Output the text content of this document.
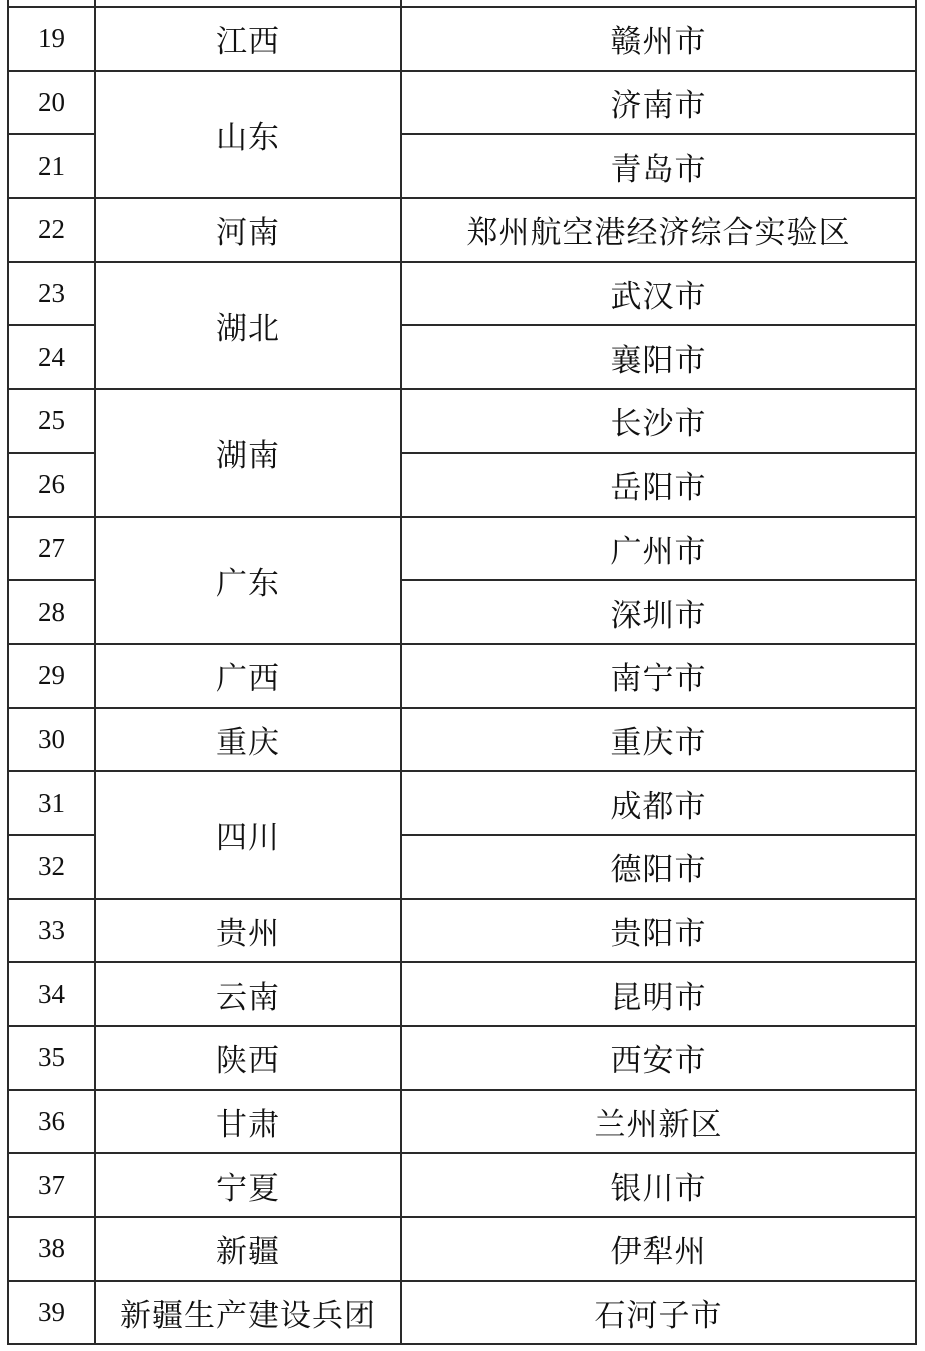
19	江西	赣州市
20	山东	济南市
21		青岛市
22	河南	郑州航空港经济综合实验区
23	湖北	武汉市
24		襄阳市
25	湖南	长沙市
26		岳阳市
27	广东	广州市
28		深圳市
29	广西	南宁市
30	重庆	重庆市
31	四川	成都市
32		德阳市
33	贵州	贵阳市
34	云南	昆明市
35	陕西	西安市
36	甘肃	兰州新区
37	宁夏	银川市
38	新疆	伊犁州
39	新疆生产建设兵团	石河子市
